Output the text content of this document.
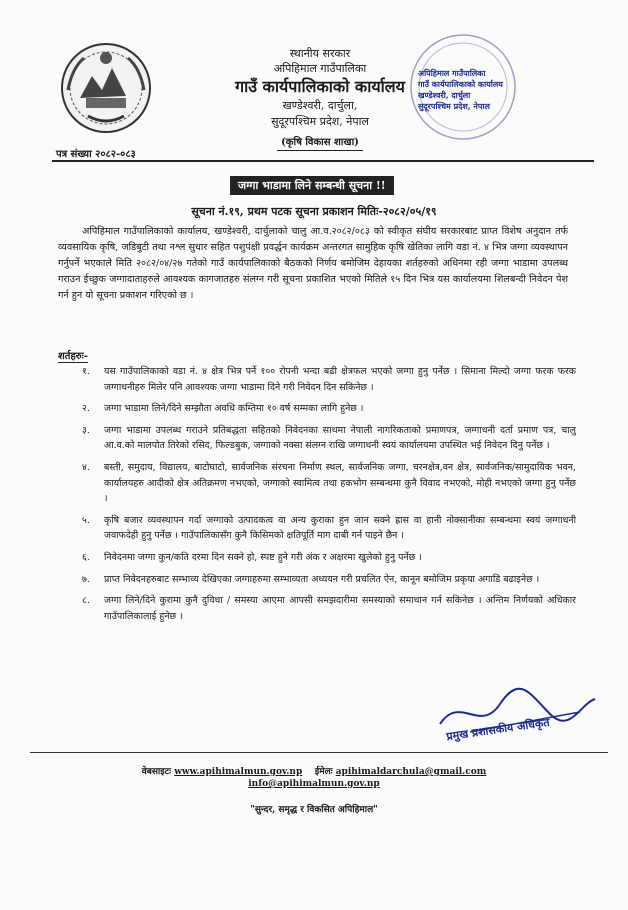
स्थानीय सरकार
अपिहिमाल गाउँपालिका
गाउँ कार्यपालिकाको कार्यालय
खण्डेश्वरी, दार्चुला,
सुदूरपश्चिम प्रदेश, नेपाल
(कृषि विकास शाखा)
अपिहिमाल गाउँपालिका
गाउँ कार्यपालिकाको कार्यालय
खण्डेश्वरी, दार्चुला
सुदूरपश्चिम प्रदेश, नेपाल
पत्र संख्या २०८२-०८३
जग्गा भाडामा लिने सम्बन्धी सूचना !!
सूचना नं.१९, प्रथम पटक सूचना प्रकाशन मितिः-२०८२/०५/१९
अपिहिमाल गाउँपालिकाको कार्यालय, खण्डेश्वरी, दार्चुलाको चालु आ.व.२०८२/०८३ को स्वीकृत संघीय सरकारबाट प्राप्त विशेष अनुदान तर्फ व्यवसायिक कृषि, जडिबुटी तथा नश्ल सुधार सहित पशुपंक्षी प्रवर्द्धन कार्यक्रम अन्तरगत सामुहिक कृषि खेतिका लागि वडा नं. ४ भित्र जग्गा व्यवस्थापन गर्नुपर्ने भएकाले मिति २०८२/०४/२७ गतेको गाउँ कार्यपालिकाको बैठकको निर्णय बमोजिम देहायका शर्तहरुको अधिनमा रही जग्गा भाडामा उपलब्ध गराउन ईच्छुक जग्गादाताहरुले आवश्यक कागजातहरु संलग्न गरी सूचना प्रकाशित भएको मितिले १५ दिन भित्र यस कार्यालयमा शिलबन्दी निवेदन पेश गर्न हुन यो सूचना प्रकाशन गरिएको छ ।
शर्तहरुः-
१.	यस गाउँपालिकाको वडा नं. ४ क्षेत्र भित्र पर्ने १०० रोपनी भन्दा बढी क्षेत्रफल भएको जग्गा हुनु पर्नेछ । सिमाना मिल्दो जग्गा फरक फरक जग्गाधनीहरु मिलेर पनि आवश्यक जग्गा भाडामा दिने गरी निवेदन दिन सकिनेछ ।
२.	जग्गा भाडामा लिने/दिने सम्झौता अवधि कम्तिमा १० वर्ष सम्मका लागि हुनेछ ।
३.	जग्गा भाडामा उपलब्ध गराउने प्रतिबद्धता सहितको निवेदनका साथमा नेपाली नागरिकताको प्रमाणपत्र, जग्गाधनी दर्ता प्रमाण पत्र, चालु आ.व.को मालपोत तिरेको रसिद, फिल्डबुक, जग्गाको नक्सा संलग्न राखि जग्गाधनी स्वयं कार्यालयमा उपस्थित भई निवेदन दिनु पर्नेछ ।
४.	बस्ती, समुदाय, विद्यालय, बाटोघाटो, सार्वजनिक संरचना निर्माण स्थल, सार्वजनिक जग्गा, चरनक्षेत्र,वन क्षेत्र, सार्वजनिक/सामुदायिक भवन, कार्यालयहरु आदीको क्षेत्र अतिक्रमण नभएको, जग्गाको स्वामित्व तथा हकभोग सम्बन्धमा कुनै विवाद नभएको, मोही नभएको जग्गा हुनु पर्नेछ ।
५.	कृषि बजार व्यवस्थापन गर्दा जग्गाको उत्पादकत्व वा अन्य कुराका हुन जान सक्ने ह्रास वा हानी नोक्सानीका सम्बन्धमा स्वयं जग्गाधनी जवाफदेही हुनु पर्नेछ । गाउँपालिकासँग कुनै किसिमको क्षतिपूर्ति माग दाबी गर्न पाइने छैन ।
६.	निवेदनमा जग्गा कुन/कति दरमा दिन सक्ने हो, स्पष्ट हुने गरी अंक र अक्षरमा खुलेको हुनु पर्नेछ ।
७.	प्राप्त निवेदनहरुबाट सम्भाव्य देखिएका जग्गाहरुमा सम्भाव्यता अध्ययन गरी प्रचलित ऐन, कानून बमोजिम प्रकृया अगाडि बढाइनेछ ।
८.	जग्गा लिने/दिने कुरामा कुनै दुविधा / समस्या आएमा आपसी समझदारीमा समस्याको समाधान गर्न सकिनेछ । अन्तिम निर्णयको अधिकार गाउँपालिकालाई हुनेछ ।
प्रमुख प्रशासकीय अधिकृत
वेबसाइटः www.apihimalmun.gov.np ईमेलः apihimaldarchula@gmail.com
info@apihimalmun.gov.np
"सुन्दर, समृद्ध र विकसित अपिहिमाल"
